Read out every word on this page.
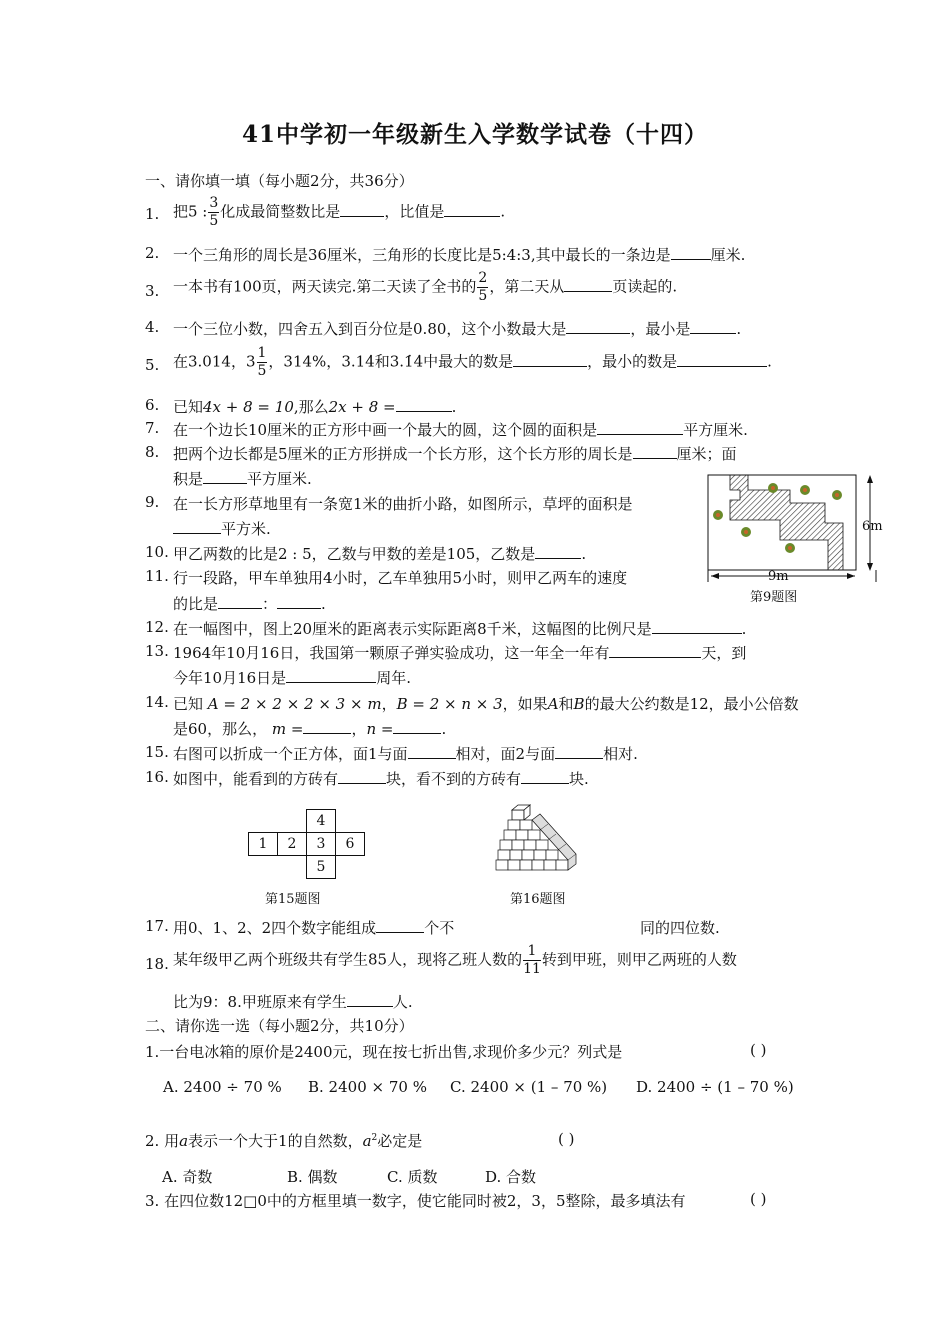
41中学初一年级新生入学数学试卷（十四）
一、请你填一填（每小题2分，共36分）
1. 把5 : $\frac{3}{5}$ 化成最简整数比是	，比值是	.
2. 一个三角形的周长是36厘米，三角形的长度比是5:4:3,其中最长的一条边是	厘米.
3. 一本书有100页，两天读完.第二天读了全书的 $\frac{2}{5}$ ，第二天从	页读起的.
4. 一个三位小数，四舍五入到百分位是0.80，这个小数最大是	，最小是	.
5. 在3.014，$3 \frac{1}{5}$ ，314%，3.14̇和3.1̇4̇中最大的数是	，最小的数是	.
6. 已知4x + 8 = 10,那么2x + 8 =	.
7. 在一个边长10厘米的正方形中画一个最大的圆，这个圆的面积是	平方厘米.
8. 把两个边长都是5厘米的正方形拼成一个长方形，这个长方形的周长是	厘米；面
积是	平方厘米.
9. 在一长方形草地里有一条宽1米的曲折小路，如图所示，草坪的面积是
平方米.	6m
9m
第9题图
10. 甲乙两数的比是2 : 5，乙数与甲数的差是105，乙数是	.
11. 行一段路，甲车单独用4小时，乙车单独用5小时，则甲乙两车的速度
的比是	：	.
12. 在一幅图中，图上20厘米的距离表示实际距离8千米，这幅图的比例尺是	.
13. 1964年10月16日，我国第一颗原子弹实验成功，这一年全一年有	天，到
今年10月16日是	周年.
14. 已知 A = 2 × 2 × 2 × 3 × m，B = 2 × n × 3，如果A和B的最大公约数是12，最小公倍数
是60，那么， m =	，n =	.
15. 右图可以折成一个正方体，面1与面	相对，面2与面	相对.
16. 如图中，能看到的方砖有	块，看不到的方砖有	块.
		4	
1	2	3	6
		5	
第15题图	第16题图
17. 用0、1、2、2四个数字能组成	个不	同的四位数.
18. 某年级甲乙两个班级共有学生85人，现将乙班人数的 $\frac{1}{11}$ 转到甲班，则甲乙两班的人数
比为9：8.甲班原来有学生	人.
二、请你选一选（每小题2分，共10分）
1.一台电冰箱的原价是2400元，现在按七折出售,求现价多少元？列式是	( )
A. 2400 ÷ 70 % B. 2400 × 70 % C. 2400 × (1 – 70 %) D. 2400 ÷ (1 – 70 %)
2. 用a表示一个大于1的自然数，$a^2$必定是	( )
A. 奇数	B. 偶数	C. 质数	D. 合数
3. 在四位数12□0中的方框里填一数字，使它能同时被2，3，5整除，最多填法有	( )
